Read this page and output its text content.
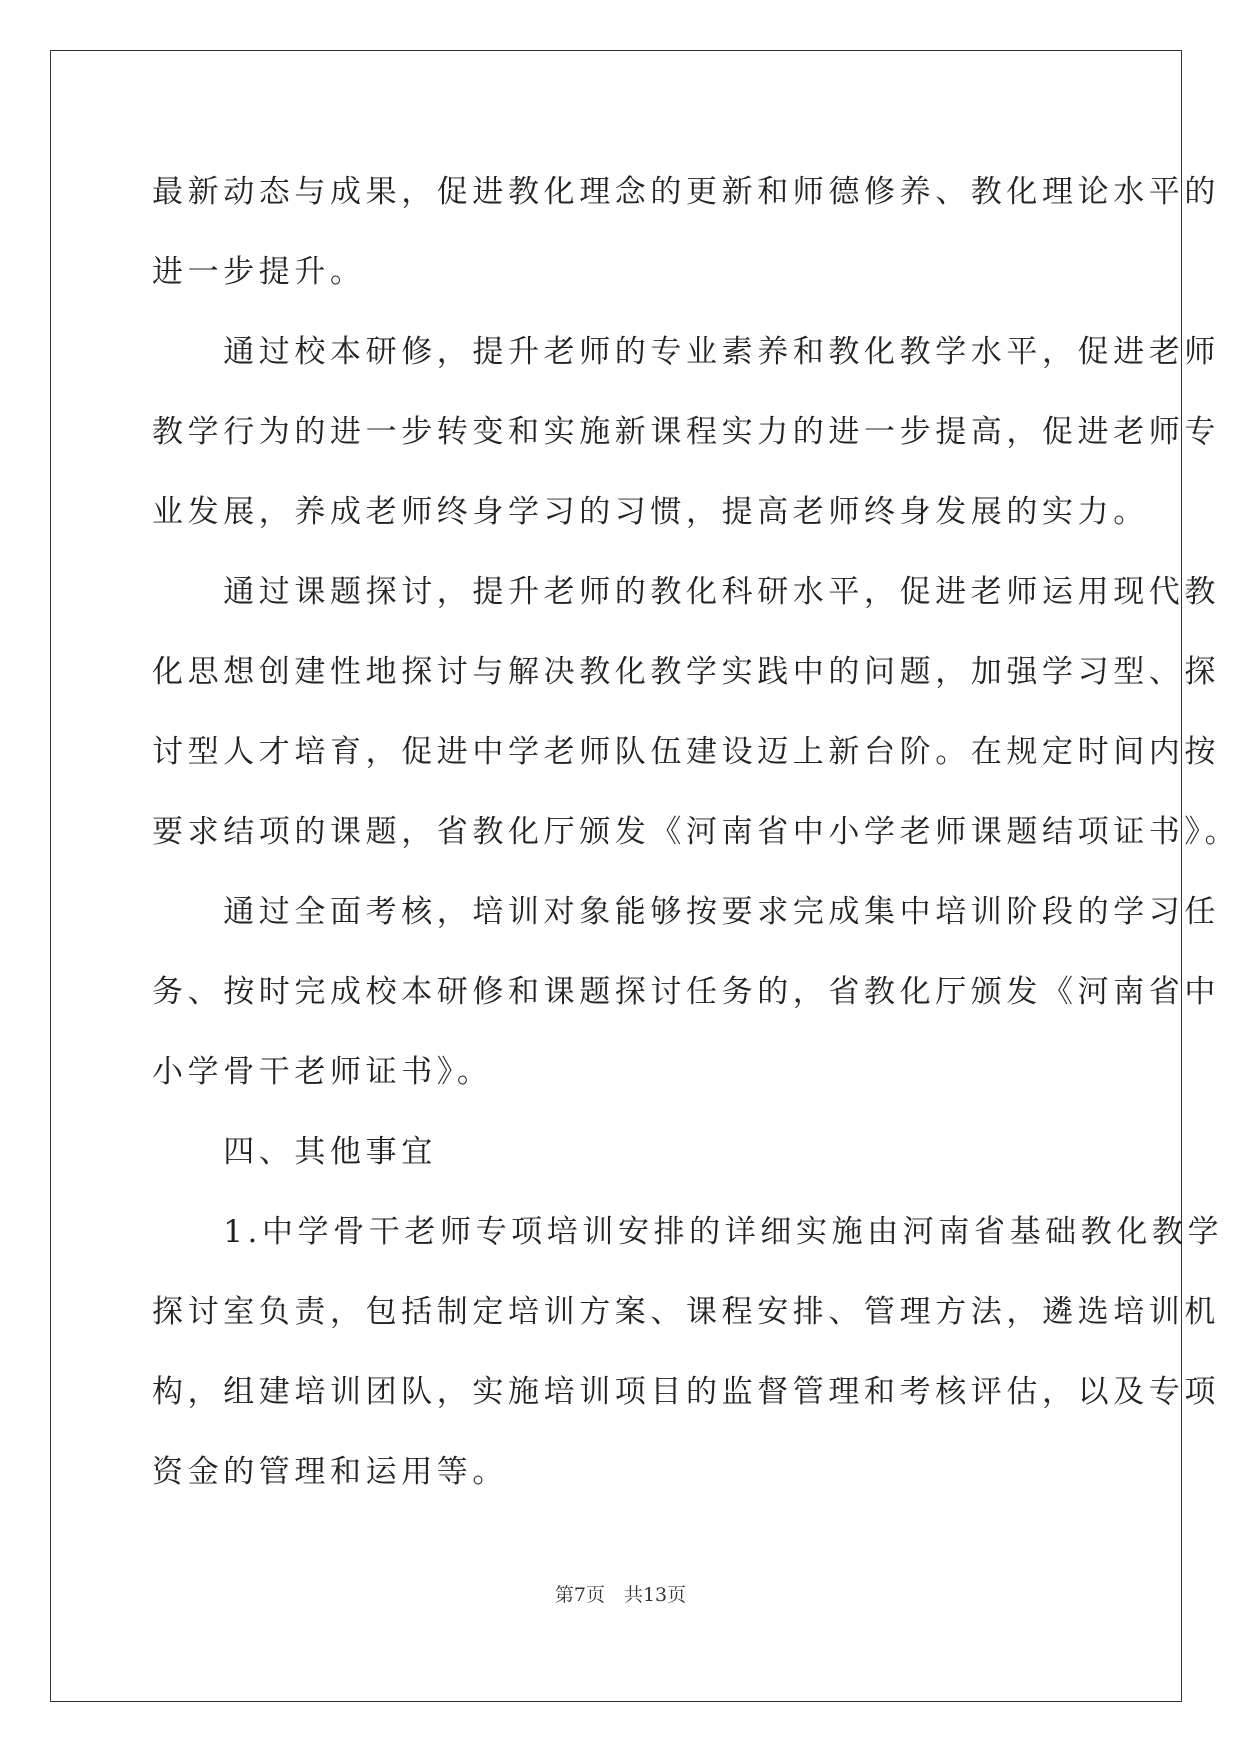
最新动态与成果，促进教化理念的更新和师德修养、教化理论水平的
进一步提升。
　　通过校本研修，提升老师的专业素养和教化教学水平，促进老师
教学行为的进一步转变和实施新课程实力的进一步提高，促进老师专
业发展，养成老师终身学习的习惯，提高老师终身发展的实力。
　　通过课题探讨，提升老师的教化科研水平，促进老师运用现代教
化思想创建性地探讨与解决教化教学实践中的问题，加强学习型、探
讨型人才培育，促进中学老师队伍建设迈上新台阶。在规定时间内按
要求结项的课题，省教化厅颁发《河南省中小学老师课题结项证书》。
　　通过全面考核，培训对象能够按要求完成集中培训阶段的学习任
务、按时完成校本研修和课题探讨任务的，省教化厅颁发《河南省中
小学骨干老师证书》。
　　四、其他事宜
　　1.中学骨干老师专项培训安排的详细实施由河南省基础教化教学
探讨室负责，包括制定培训方案、课程安排、管理方法，遴选培训机
构，组建培训团队，实施培训项目的监督管理和考核评估，以及专项
资金的管理和运用等。
第7页　共13页
